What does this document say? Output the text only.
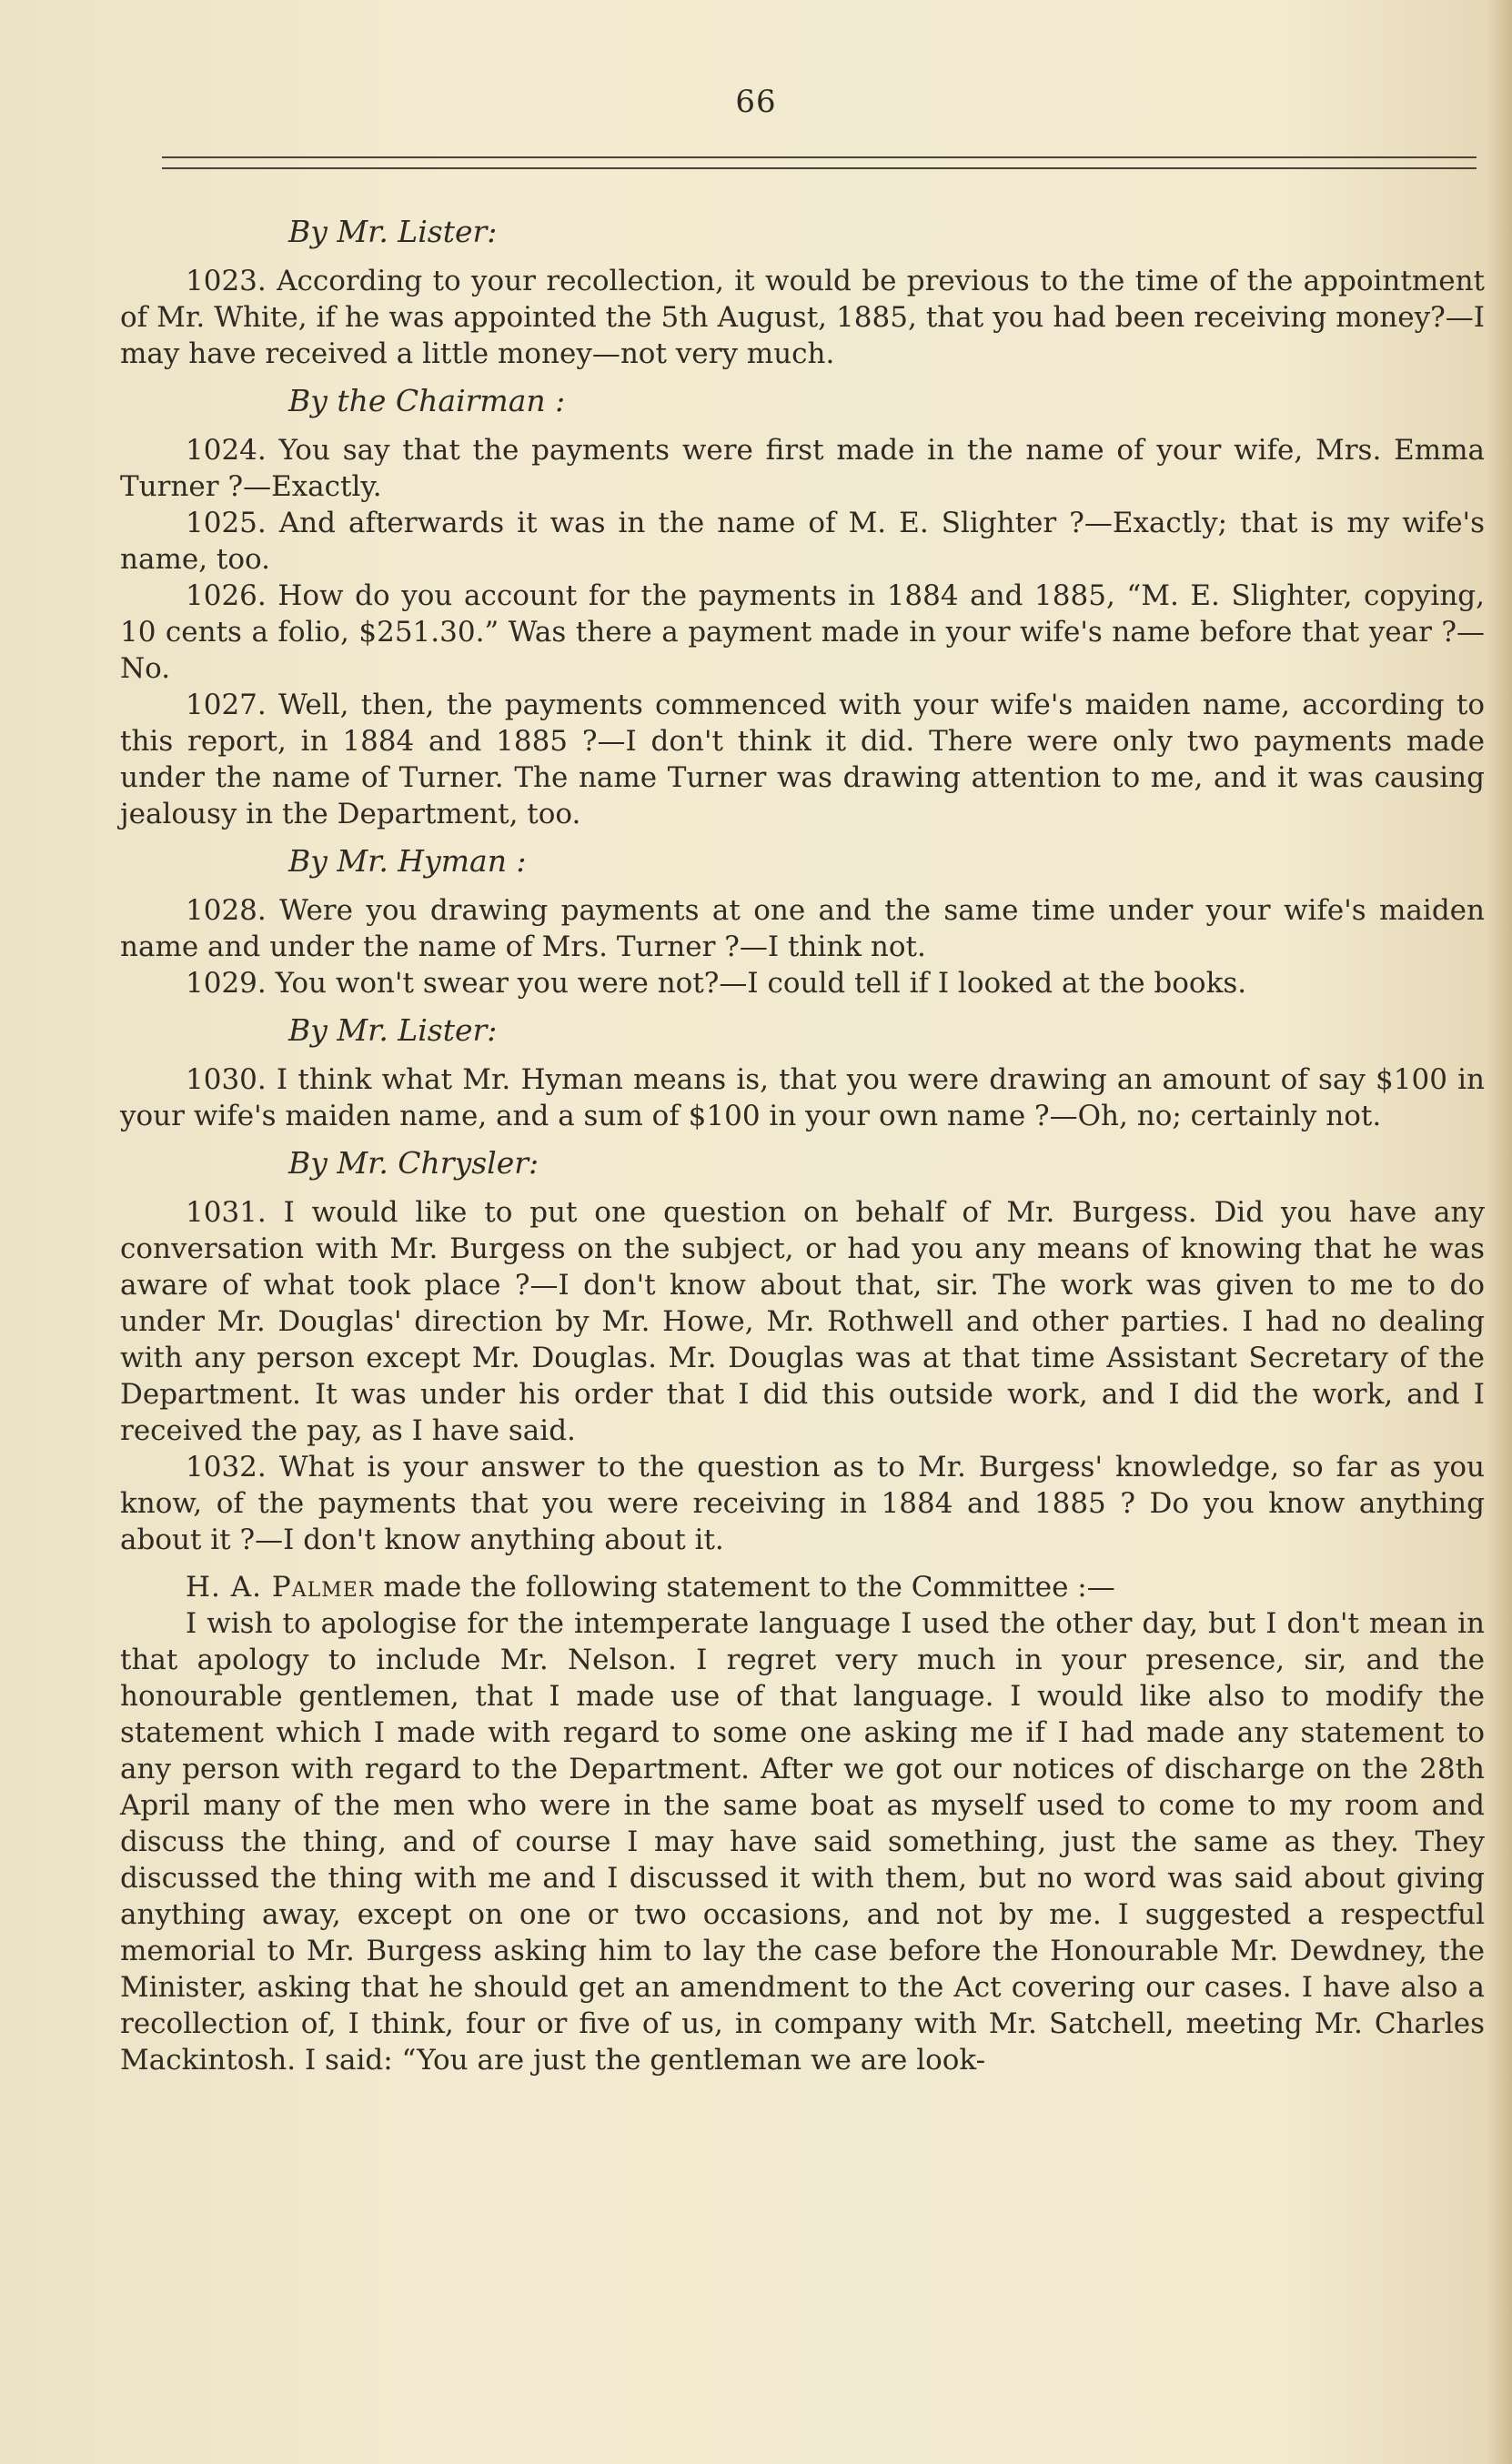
66
By Mr. Lister:

1023. According to your recollection, it would be previous to the time of the appointment of Mr. White, if he was appointed the 5th August, 1885, that you had been receiving money?—I may have received a little money—not very much.

By the Chairman :

1024. You say that the payments were first made in the name of your wife, Mrs. Emma Turner ?—Exactly.

1025. And afterwards it was in the name of M. E. Slighter ?—Exactly; that is my wife's name, too.

1026. How do you account for the payments in 1884 and 1885, “M. E. Slighter, copying, 10 cents a folio, $251.30.” Was there a payment made in your wife's name before that year ?—No.

1027. Well, then, the payments commenced with your wife's maiden name, according to this report, in 1884 and 1885 ?—I don't think it did. There were only two payments made under the name of Turner. The name Turner was drawing attention to me, and it was causing jealousy in the Department, too.

By Mr. Hyman :

1028. Were you drawing payments at one and the same time under your wife's maiden name and under the name of Mrs. Turner ?—I think not.

1029. You won't swear you were not?—I could tell if I looked at the books.

By Mr. Lister:

1030. I think what Mr. Hyman means is, that you were drawing an amount of say $100 in your wife's maiden name, and a sum of $100 in your own name ?—Oh, no; certainly not.

By Mr. Chrysler:

1031. I would like to put one question on behalf of Mr. Burgess. Did you have any conversation with Mr. Burgess on the subject, or had you any means of knowing that he was aware of what took place ?—I don't know about that, sir. The work was given to me to do under Mr. Douglas' direction by Mr. Howe, Mr. Rothwell and other parties. I had no dealing with any person except Mr. Douglas. Mr. Douglas was at that time Assistant Secretary of the Department. It was under his order that I did this outside work, and I did the work, and I received the pay, as I have said.

1032. What is your answer to the question as to Mr. Burgess' knowledge, so far as you know, of the payments that you were receiving in 1884 and 1885 ? Do you know anything about it ?—I don't know anything about it.

H. A. Palmer made the following statement to the Committee :—

I wish to apologise for the intemperate language I used the other day, but I don't mean in that apology to include Mr. Nelson. I regret very much in your presence, sir, and the honourable gentlemen, that I made use of that language. I would like also to modify the statement which I made with regard to some one asking me if I had made any statement to any person with regard to the Department. After we got our notices of discharge on the 28th April many of the men who were in the same boat as myself used to come to my room and discuss the thing, and of course I may have said something, just the same as they. They discussed the thing with me and I discussed it with them, but no word was said about giving anything away, except on one or two occasions, and not by me. I suggested a respectful memorial to Mr. Burgess asking him to lay the case before the Honourable Mr. Dewdney, the Minister, asking that he should get an amendment to the Act covering our cases. I have also a recollection of, I think, four or five of us, in company with Mr. Satchell, meeting Mr. Charles Mackintosh. I said: “You are just the gentleman we are look-
